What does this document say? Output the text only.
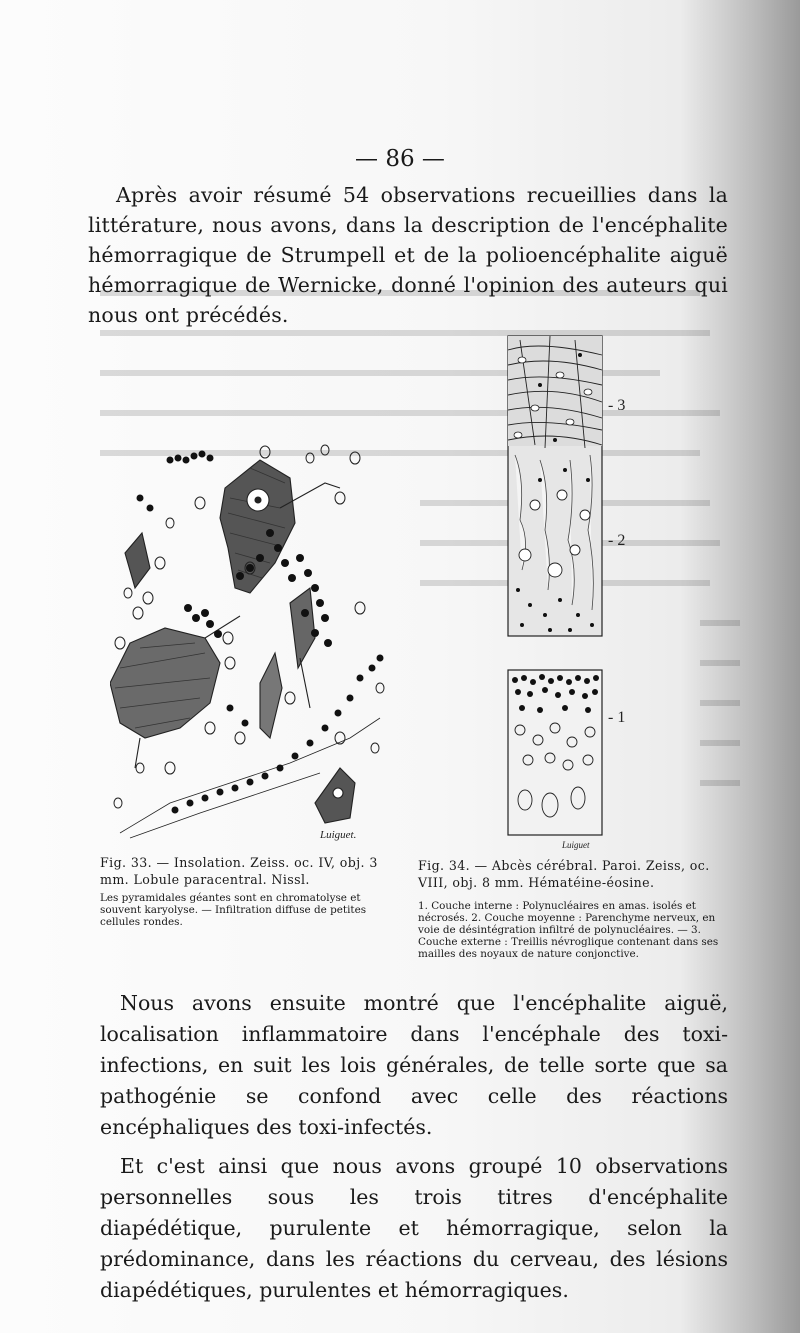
— 86 —
Après avoir résumé 54 observations recueillies dans la littérature, nous avons, dans la description de l'encéphalite hémorragique de Strumpell et de la polioencéphalite aiguë hémorragique de Wernicke, donné l'opinion des auteurs qui nous ont précédés.
Luiguet.
- 3
- 2
- 1
Luiguet
Fig. 33. — Insolation. Zeiss. oc. IV, obj. 3 mm. Lobule paracentral. Nissl.
Les pyramidales géantes sont en chromatolyse et souvent karyolyse. — Infiltration diffuse de petites cellules rondes.
Fig. 34. — Abcès cérébral. Paroi. Zeiss, oc. VIII, obj. 8 mm. Hématéine-éosine.
1. Couche interne : Polynucléaires en amas. isolés et nécrosés. 2. Couche moyenne : Parenchyme nerveux, en voie de désintégration infiltré de polynucléaires. — 3. Couche externe : Treillis névroglique contenant dans ses mailles des noyaux de nature conjonctive.

Nous avons ensuite montré que l'encéphalite aiguë, localisation inflammatoire dans l'encéphale des toxi-infections, en suit les lois générales, de telle sorte que sa pathogénie se confond avec celle des réactions encéphaliques des toxi-infectés.

Et c'est ainsi que nous avons groupé 10 observations personnelles sous les trois titres d'encéphalite diapédétique, purulente et hémorragique, selon la prédominance, dans les réactions du cerveau, des lésions diapédétiques, purulentes et hémorragiques.
